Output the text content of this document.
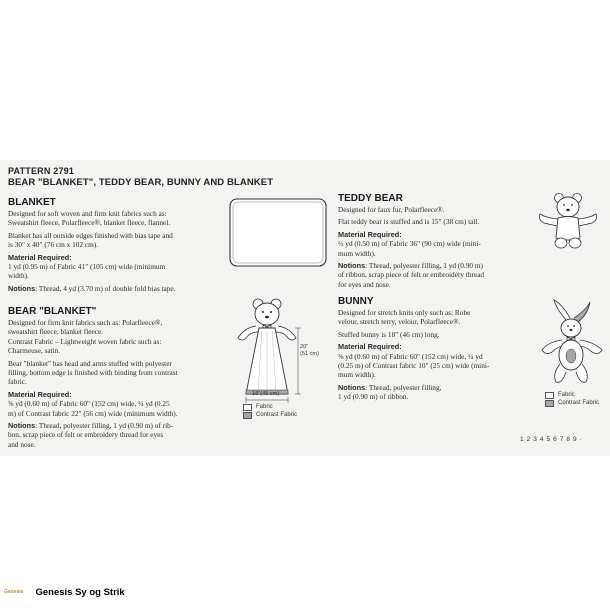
PATTERN 2791
BEAR "BLANKET", TEDDY BEAR, BUNNY AND BLANKET
BLANKET

Designed for soft woven and firm knit fabrics such as:

Sweatshirt fleece, Polarfleece®, blanket fleece, flannel.

Blanket has all outside edges finished with bias tape and

is 30" x 40" (76 cm x 102 cm).

Material Required:

1 yd (0.95 m) of Fabric 41" (105 cm) wide (minimum

width).

Notions: Thread, 4 yd (3.70 m) of double fold bias tape.

BEAR "BLANKET"

Designed for firm knit fabrics such as: Polarfleece®,

sweatshirt fleece, blanket fleece.

Contrast Fabric – Lightweight woven fabric such as:

Charmeuse, satin.

Bear "blanket" has head and arms stuffed with polyester

filling, bottom edge is finished with binding from contrast

fabric.

Material Required:

⅝ yd (0.60 m) of Fabric 60" (152 cm) wide, ¼ yd (0.25

m) of Contrast fabric 22" (56 cm) wide (minimum width).

Notions: Thread, polyester filling, 1 yd (0.90 m) of rib-

bon, scrap piece of felt or embroidery thread for eyes

and nose.

20"
(51 cm)
18"(45 cm)
Fabric
Contrast Fabric
TEDDY BEAR

Designed for faux fur, Polarfleece®.

Flat teddy bear is stuffed and is 15" (38 cm) tall.

Material Required:

½ yd (0.50 m) of Fabric 36" (90 cm) wide (mini-

mum width).

Notions: Thread, polyester filling, 1 yd (0.90 m)

of ribbon, scrap piece of felt or embroidery thread

for eyes and nose.

BUNNY

Designed for stretch knits only such as: Robe

velour, stretch terry, velour, Polarfleece®.

Stuffed bunny is 18" (46 cm) long.

Material Required:

⅝ yd (0.60 m) of Fabric 60" (152 cm) wide, ¼ yd

(0.25 m) of Contrast fabric 10" (25 cm) wide (mini-

mum width).

Notions: Thread, polyester filling,

1 yd (0.90 m) of ribbon.	Fabric
Contrast Fabric
1 2 3 4 5 6 7 8 9 ·
Genesis Genesis Sy og Strik
